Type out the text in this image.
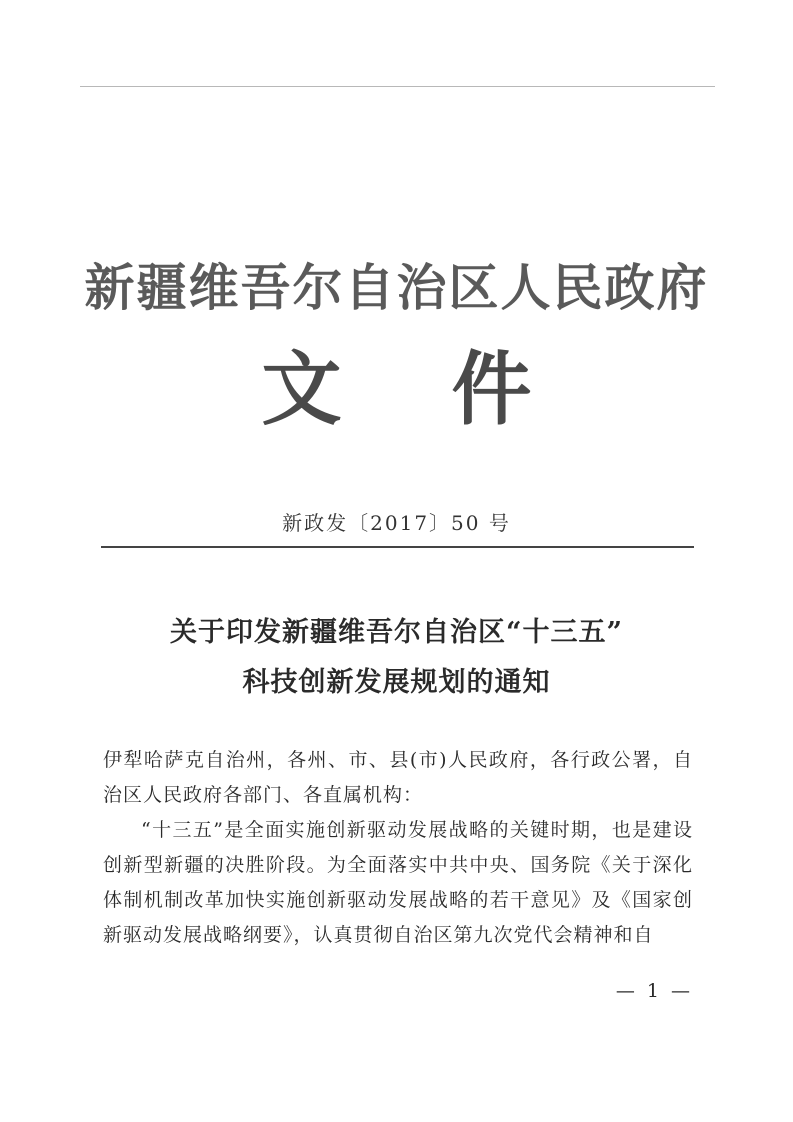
新疆维吾尔自治区人民政府
文 件
新政发〔2017〕50 号
关于印发新疆维吾尔自治区“十三五”
科技创新发展规划的通知

伊犁哈萨克自治州，各州、市、县(市)人民政府，各行政公署，自治区人民政府各部门、各直属机构：

“十三五”是全面实施创新驱动发展战略的关键时期，也是建设创新型新疆的决胜阶段。为全面落实中共中央、国务院《关于深化体制机制改革加快实施创新驱动发展战略的若干意见》及《国家创新驱动发展战略纲要》，认真贯彻自治区第九次党代会精神和自

— 1 —
